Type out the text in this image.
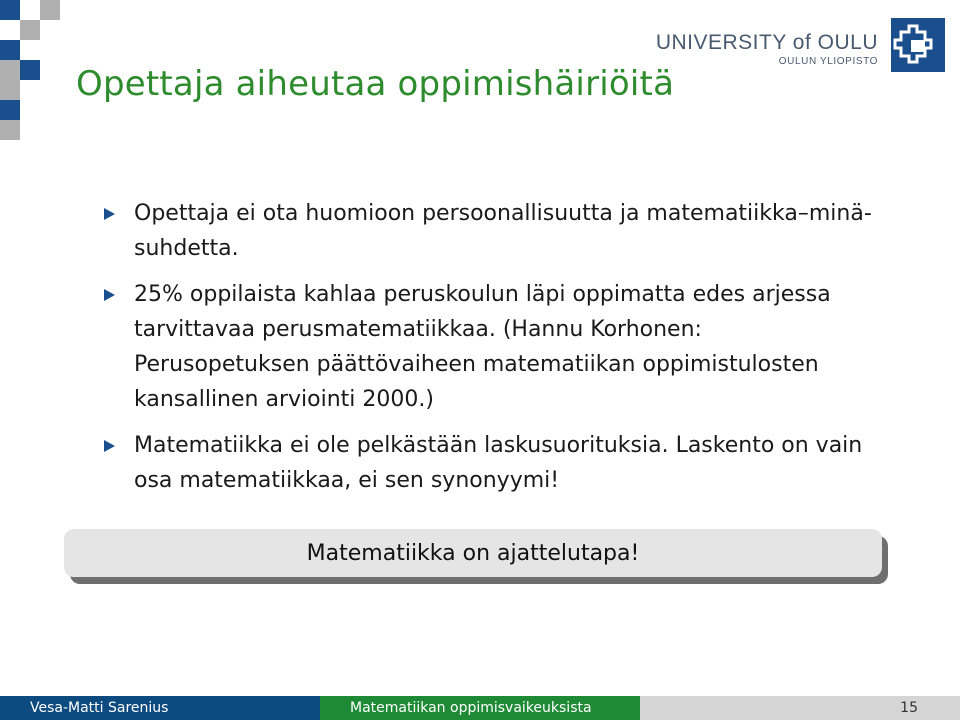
Opettaja aiheutaa oppimishäiriöitä
UNIVERSITY of OULU
OULUN YLIOPISTO
Opettaja ei ota huomioon persoonallisuutta ja matematiikka–minä-suhdetta.
25% oppilaista kahlaa peruskoulun läpi oppimatta edes arjessa tarvittavaa perusmatematiikkaa. (Hannu Korhonen: Perusopetuksen päättövaiheen matematiikan oppimistulosten kansallinen arviointi 2000.)
Matematiikka ei ole pelkästään laskusuorituksia. Laskento on vain osa matematiikkaa, ei sen synonyymi!
Matematiikka on ajattelutapa!
Vesa-Matti Sarenius	Matematiikan oppimisvaikeuksista	15
